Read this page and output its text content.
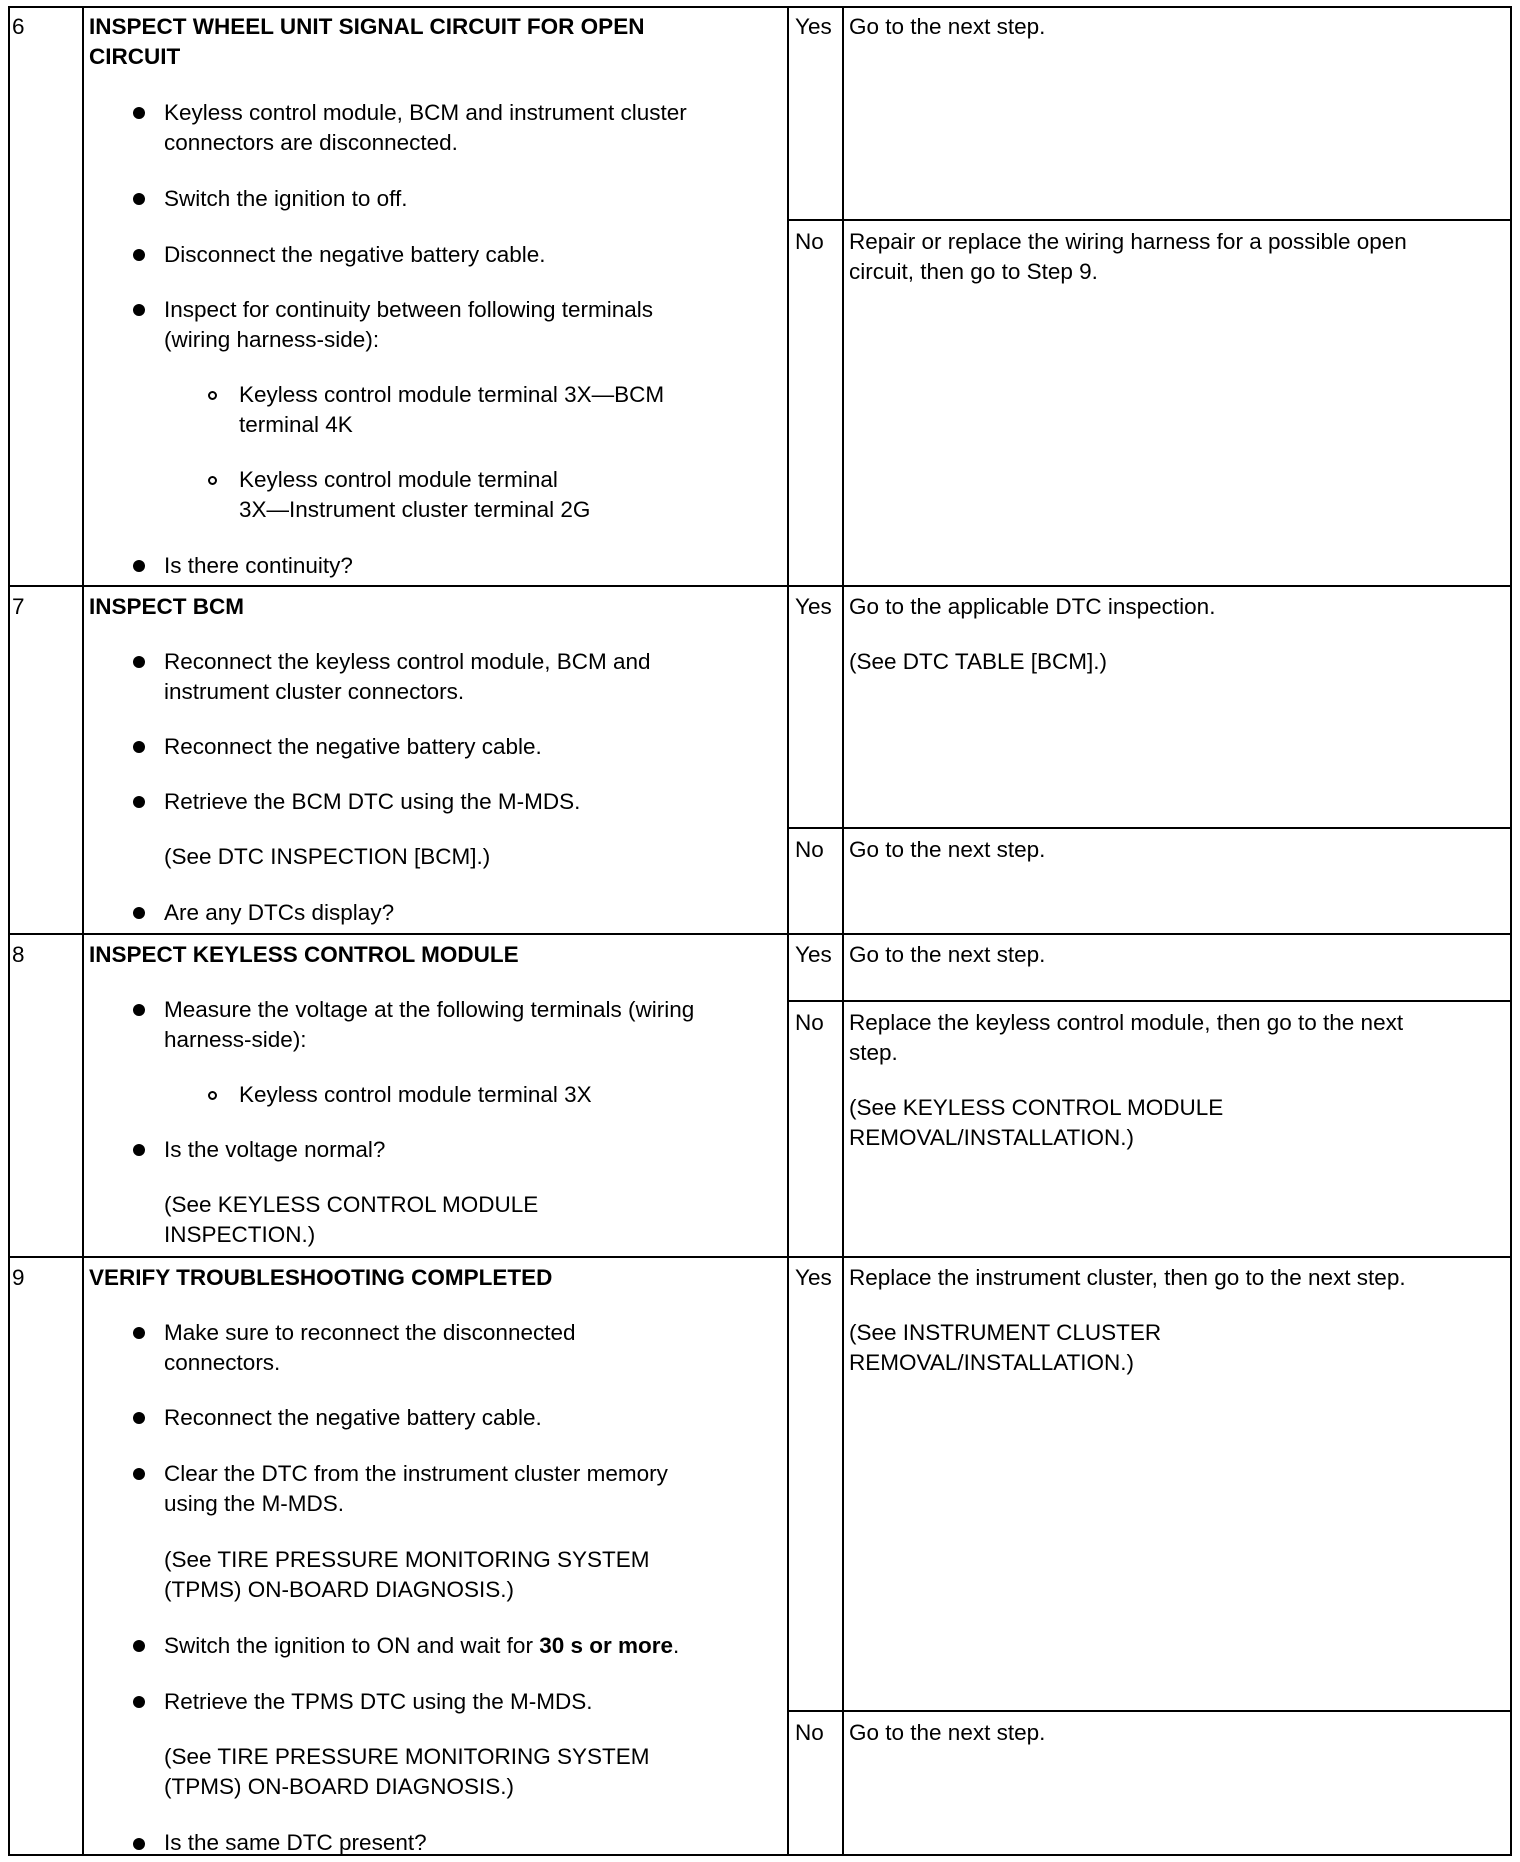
6	INSPECT WHEEL UNIT SIGNAL CIRCUIT FOR OPEN
CIRCUIT
Keyless control module, BCM and instrument cluster
connectors are disconnected.
Switch the ignition to off.
Disconnect the negative battery cable.
Inspect for continuity between following terminals
(wiring harness-side):
Keyless control module terminal 3X—BCM
terminal 4K
Keyless control module terminal
3X—Instrument cluster terminal 2G
Is there continuity?
Yes Go to the next step.
No Repair or replace the wiring harness for a possible open
circuit, then go to Step 9.
7	INSPECT BCM
Reconnect the keyless control module, BCM and
instrument cluster connectors.
Reconnect the negative battery cable.
Retrieve the BCM DTC using the M-MDS.
(See DTC INSPECTION [BCM].)
Are any DTCs display?
Yes Go to the applicable DTC inspection.
(See DTC TABLE [BCM].)
No Go to the next step.
8	INSPECT KEYLESS CONTROL MODULE
Measure the voltage at the following terminals (wiring
harness-side):
Keyless control module terminal 3X
Is the voltage normal?
(See KEYLESS CONTROL MODULE
INSPECTION.)
Yes Go to the next step.
No Replace the keyless control module, then go to the next
step.
(See KEYLESS CONTROL MODULE
REMOVAL/INSTALLATION.)
9	VERIFY TROUBLESHOOTING COMPLETED
Make sure to reconnect the disconnected
connectors.
Reconnect the negative battery cable.
Clear the DTC from the instrument cluster memory
using the M-MDS.
(See TIRE PRESSURE MONITORING SYSTEM
(TPMS) ON-BOARD DIAGNOSIS.)
Switch the ignition to ON and wait for 30 s or more.
Retrieve the TPMS DTC using the M-MDS.
(See TIRE PRESSURE MONITORING SYSTEM
(TPMS) ON-BOARD DIAGNOSIS.)
Is the same DTC present?
Yes Replace the instrument cluster, then go to the next step.
(See INSTRUMENT CLUSTER
REMOVAL/INSTALLATION.)
No Go to the next step.
